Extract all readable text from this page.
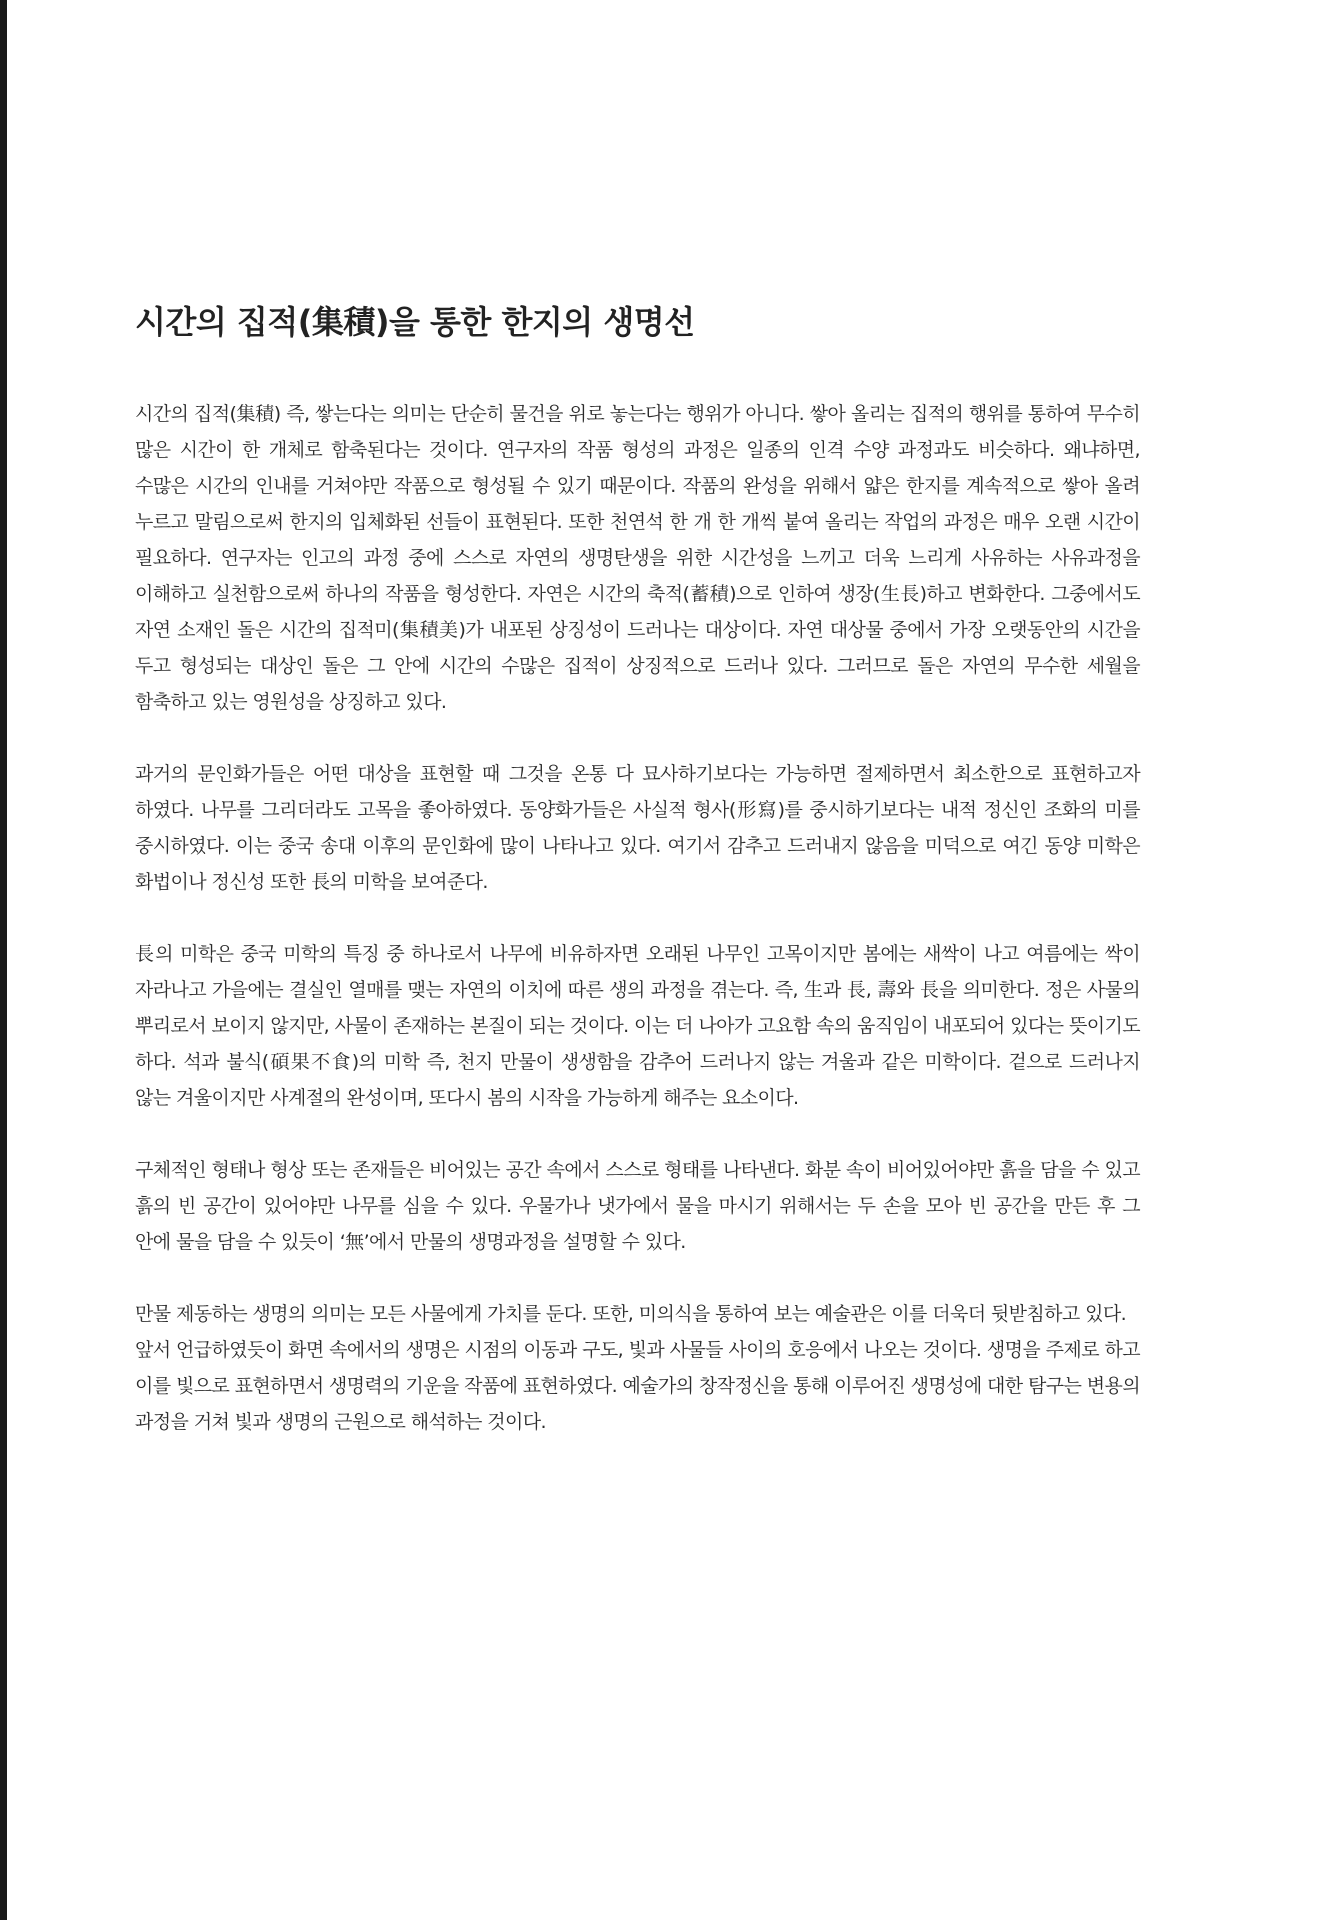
시간의 집적(集積)을 통한 한지의 생명선

시간의 집적(集積) 즉, 쌓는다는 의미는 단순히 물건을 위로 놓는다는 행위가 아니다. 쌓아 올리는 집적의 행위를 통하여 무수히 많은 시간이 한 개체로 함축된다는 것이다. 연구자의 작품 형성의 과정은 일종의 인격 수양 과정과도 비슷하다. 왜냐하면, 수많은 시간의 인내를 거쳐야만 작품으로 형성될 수 있기 때문이다. 작품의 완성을 위해서 얇은 한지를 계속적으로 쌓아 올려 누르고 말림으로써 한지의 입체화된 선들이 표현된다. 또한 천연석 한 개 한 개씩 붙여 올리는 작업의 과정은 매우 오랜 시간이 필요하다. 연구자는 인고의 과정 중에 스스로 자연의 생명탄생을 위한 시간성을 느끼고 더욱 느리게 사유하는 사유과정을 이해하고 실천함으로써 하나의 작품을 형성한다. 자연은 시간의 축적(蓄積)으로 인하여 생장(生長)하고 변화한다. 그중에서도 자연 소재인 돌은 시간의 집적미(集積美)가 내포된 상징성이 드러나는 대상이다. 자연 대상물 중에서 가장 오랫동안의 시간을 두고 형성되는 대상인 돌은 그 안에 시간의 수많은 집적이 상징적으로 드러나 있다. 그러므로 돌은 자연의 무수한 세월을 함축하고 있는 영원성을 상징하고 있다.

과거의 문인화가들은 어떤 대상을 표현할 때 그것을 온통 다 묘사하기보다는 가능하면 절제하면서 최소한으로 표현하고자 하였다. 나무를 그리더라도 고목을 좋아하였다. 동양화가들은 사실적 형사(形寫)를 중시하기보다는 내적 정신인 조화의 미를 중시하였다. 이는 중국 송대 이후의 문인화에 많이 나타나고 있다. 여기서 감추고 드러내지 않음을 미덕으로 여긴 동양 미학은 화법이나 정신성 또한 長의 미학을 보여준다.

長의 미학은 중국 미학의 특징 중 하나로서 나무에 비유하자면 오래된 나무인 고목이지만 봄에는 새싹이 나고 여름에는 싹이 자라나고 가을에는 결실인 열매를 맺는 자연의 이치에 따른 생의 과정을 겪는다. 즉, 生과 長, 壽와 長을 의미한다. 정은 사물의 뿌리로서 보이지 않지만, 사물이 존재하는 본질이 되는 것이다. 이는 더 나아가 고요함 속의 움직임이 내포되어 있다는 뜻이기도 하다. 석과 불식(碩果不食)의 미학 즉, 천지 만물이 생생함을 감추어 드러나지 않는 겨울과 같은 미학이다. 겉으로 드러나지 않는 겨울이지만 사계절의 완성이며, 또다시 봄의 시작을 가능하게 해주는 요소이다.

구체적인 형태나 형상 또는 존재들은 비어있는 공간 속에서 스스로 형태를 나타낸다. 화분 속이 비어있어야만 흙을 담을 수 있고 흙의 빈 공간이 있어야만 나무를 심을 수 있다. 우물가나 냇가에서 물을 마시기 위해서는 두 손을 모아 빈 공간을 만든 후 그 안에 물을 담을 수 있듯이 ‘無’에서 만물의 생명과정을 설명할 수 있다.

만물 제동하는 생명의 의미는 모든 사물에게 가치를 둔다. 또한, 미의식을 통하여 보는 예술관은 이를 더욱더 뒷받침하고 있다.

앞서 언급하였듯이 화면 속에서의 생명은 시점의 이동과 구도, 빛과 사물들 사이의 호응에서 나오는 것이다. 생명을 주제로 하고 이를 빛으로 표현하면서 생명력의 기운을 작품에 표현하였다. 예술가의 창작정신을 통해 이루어진 생명성에 대한 탐구는 변용의 과정을 거쳐 빛과 생명의 근원으로 해석하는 것이다.
